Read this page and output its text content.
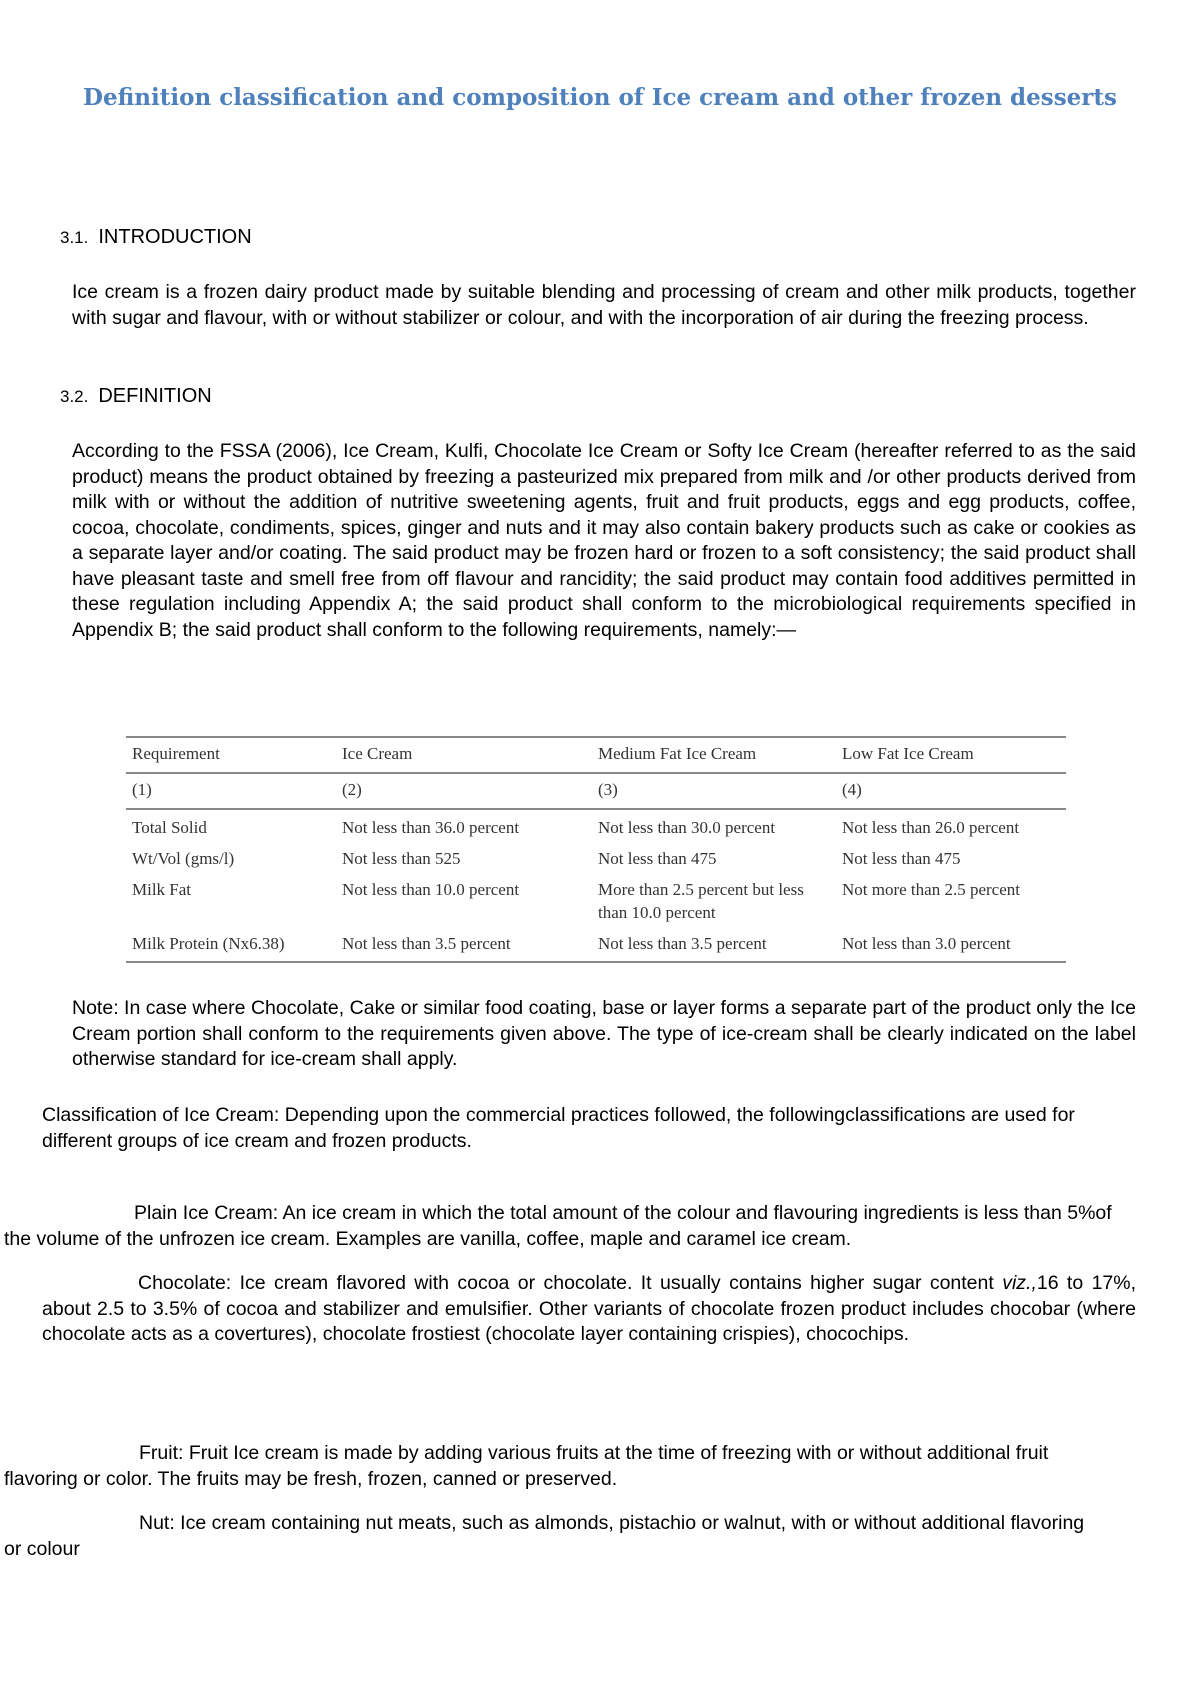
Definition classification and composition of Ice cream and other frozen desserts
3.1. INTRODUCTION

Ice cream is a frozen dairy product made by suitable blending and processing of cream and other milk products, together with sugar and flavour, with or without stabilizer or colour, and with the incorporation of air during the freezing process.

3.2. DEFINITION

According to the FSSA (2006), Ice Cream, Kulfi, Chocolate Ice Cream or Softy Ice Cream (hereafter referred to as the said product) means the product obtained by freezing a pasteurized mix prepared from milk and /or other products derived from milk with or without the addition of nutritive sweetening agents, fruit and fruit products, eggs and egg products, coffee, cocoa, chocolate, condiments, spices, ginger and nuts and it may also contain bakery products such as cake or cookies as a separate layer and/or coating. The said product may be frozen hard or frozen to a soft consistency; the said product shall have pleasant taste and smell free from off flavour and rancidity; the said product may contain food additives permitted in these regulation including Appendix A; the said product shall conform to the microbiological requirements specified in Appendix B; the said product shall conform to the following requirements, namely:—

Requirement	Ice Cream	Medium Fat Ice Cream	Low Fat Ice Cream
(1)	(2)	(3)	(4)
Total Solid	Not less than 36.0 percent	Not less than 30.0 percent	Not less than 26.0 percent
Wt/Vol (gms/l)	Not less than 525	Not less than 475	Not less than 475
Milk Fat	Not less than 10.0 percent	More than 2.5 percent but less than 10.0 percent	Not more than 2.5 percent
Milk Protein (Nx6.38)	Not less than 3.5 percent	Not less than 3.5 percent	Not less than 3.0 percent

Note: In case where Chocolate, Cake or similar food coating, base or layer forms a separate part of the product only the Ice Cream portion shall conform to the requirements given above. The type of ice-cream shall be clearly indicated on the label otherwise standard for ice-cream shall apply.

Classification of Ice Cream: Depending upon the commercial practices followed, the followingclassifications are used for different groups of ice cream and frozen products.

Plain Ice Cream: An ice cream in which the total amount of the colour and flavouring ingredients is less than 5%of the volume of the unfrozen ice cream. Examples are vanilla, coffee, maple and caramel ice cream.

Chocolate: Ice cream flavored with cocoa or chocolate. It usually contains higher sugar content viz.,16 to 17%, about 2.5 to 3.5% of cocoa and stabilizer and emulsifier. Other variants of chocolate frozen product includes chocobar (where chocolate acts as a covertures), chocolate frostiest (chocolate layer containing crispies), chocochips.

Fruit: Fruit Ice cream is made by adding various fruits at the time of freezing with or without additional fruit flavoring or color. The fruits may be fresh, frozen, canned or preserved.

Nut: Ice cream containing nut meats, such as almonds, pistachio or walnut, with or without additional flavoring or colour
